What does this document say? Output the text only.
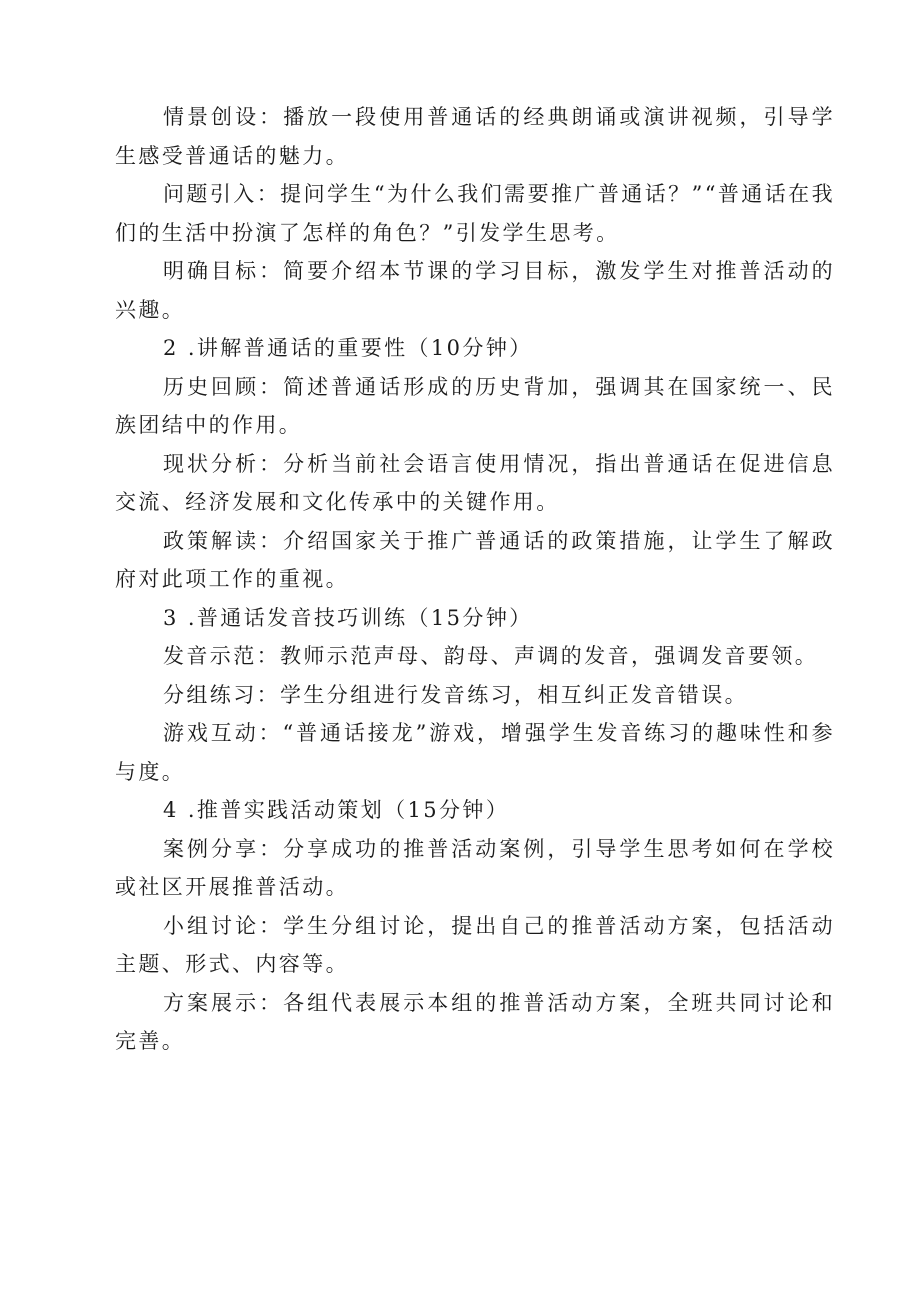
情景创设：播放一段使用普通话的经典朗诵或演讲视频，引导学生感受普通话的魅力。

问题引入：提问学生“为什么我们需要推广普通话？”“普通话在我们的生活中扮演了怎样的角色？”引发学生思考。

明确目标：简要介绍本节课的学习目标，激发学生对推普活动的兴趣。

2 .讲解普通话的重要性（10分钟）

历史回顾：简述普通话形成的历史背加，强调其在国家统一、民族团结中的作用。

现状分析：分析当前社会语言使用情况，指出普通话在促进信息交流、经济发展和文化传承中的关键作用。

政策解读：介绍国家关于推广普通话的政策措施，让学生了解政府对此项工作的重视。

3 .普通话发音技巧训练（15分钟）

发音示范：教师示范声母、韵母、声调的发音，强调发音要领。

分组练习：学生分组进行发音练习，相互纠正发音错误。

游戏互动：“普通话接龙”游戏，增强学生发音练习的趣味性和参与度。

4 .推普实践活动策划（15分钟）

案例分享：分享成功的推普活动案例，引导学生思考如何在学校或社区开展推普活动。

小组讨论：学生分组讨论，提出自己的推普活动方案，包括活动主题、形式、内容等。

方案展示：各组代表展示本组的推普活动方案，全班共同讨论和完善。
